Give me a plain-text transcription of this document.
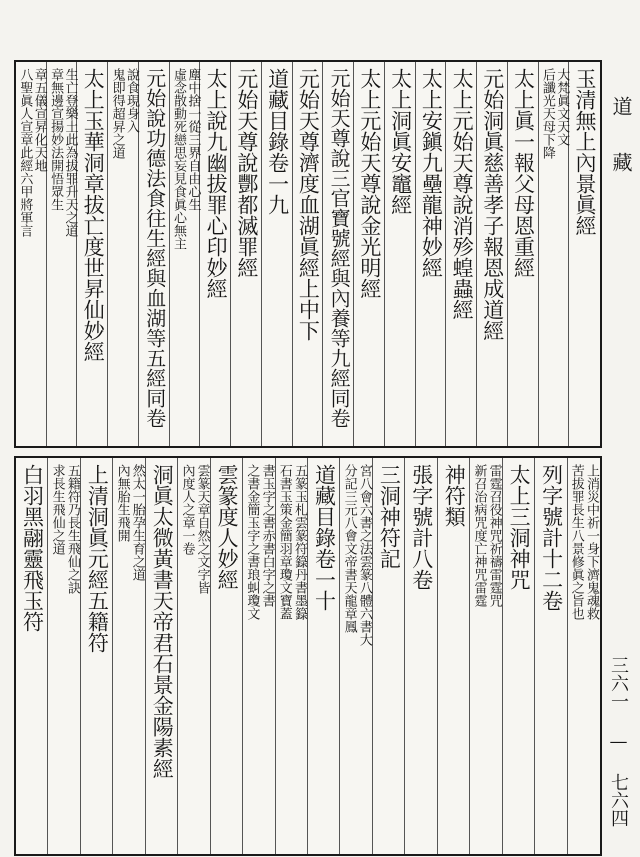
道
藏
三六一 — 七六四
玉清無上內景眞經
大梵眞文天文
后讖光天母下降
太上眞一報父母恩重經
元始洞眞慈善孝子報恩成道經
太上元始天尊說消殄蝗蟲經
太上安鎭九壘龍神妙經
太上洞眞安竈經
太上元始天尊說金光明經
元始天尊說三官寶號經與內養等九經同卷
元始天尊濟度血湖眞經上中下
道藏目錄卷一九
元始天尊說酆都滅罪經
太上說九幽拔罪心印妙經
塵中捨一從三界自由心生
虛念散動死戀思妄見食眞心無主
元始說功德法食往生經與血湖等五經同卷
說食現身入
鬼即得超昇之道
太上玉華洞章拔亡度世昇仙妙經
生亡登樂土此為拔罪升天之道
章無邊宣揚妙法開悟眾生
章五儀宣昇化天地
八聖眞人宣章此經六甲將軍言
上消災中祈一身下濟鬼魂救
苦拔罪長生八景修眞之旨也
列字號計十二卷
太上三洞神咒
雷霆召役神咒祈禱雷霆咒
新召治病咒度亡神咒雷霆
神符類
張字號計八卷
三洞神符記
宮八會六書之法雲篆八體六書大
分記三元八會文帝書天龍章鳳
道藏目錄卷一十
五篆玉札雲篆符籙丹書墨籙
石書玉策金簡羽章瓊文寶蓋
書玉字之書赤書白字之書
之書金簡玉字之書琅虯瓊文
雲篆度人妙經
雲篆天章自然之文字皆
內度人之章一卷
洞眞太微黃書天帝君石景金陽素經
然太一胎孕生育之道
內無胎生飛開
上清洞眞元經五籍符
五籍符乃長生飛仙之訣
求長生飛仙之道
白羽黑翮靈飛玉符
